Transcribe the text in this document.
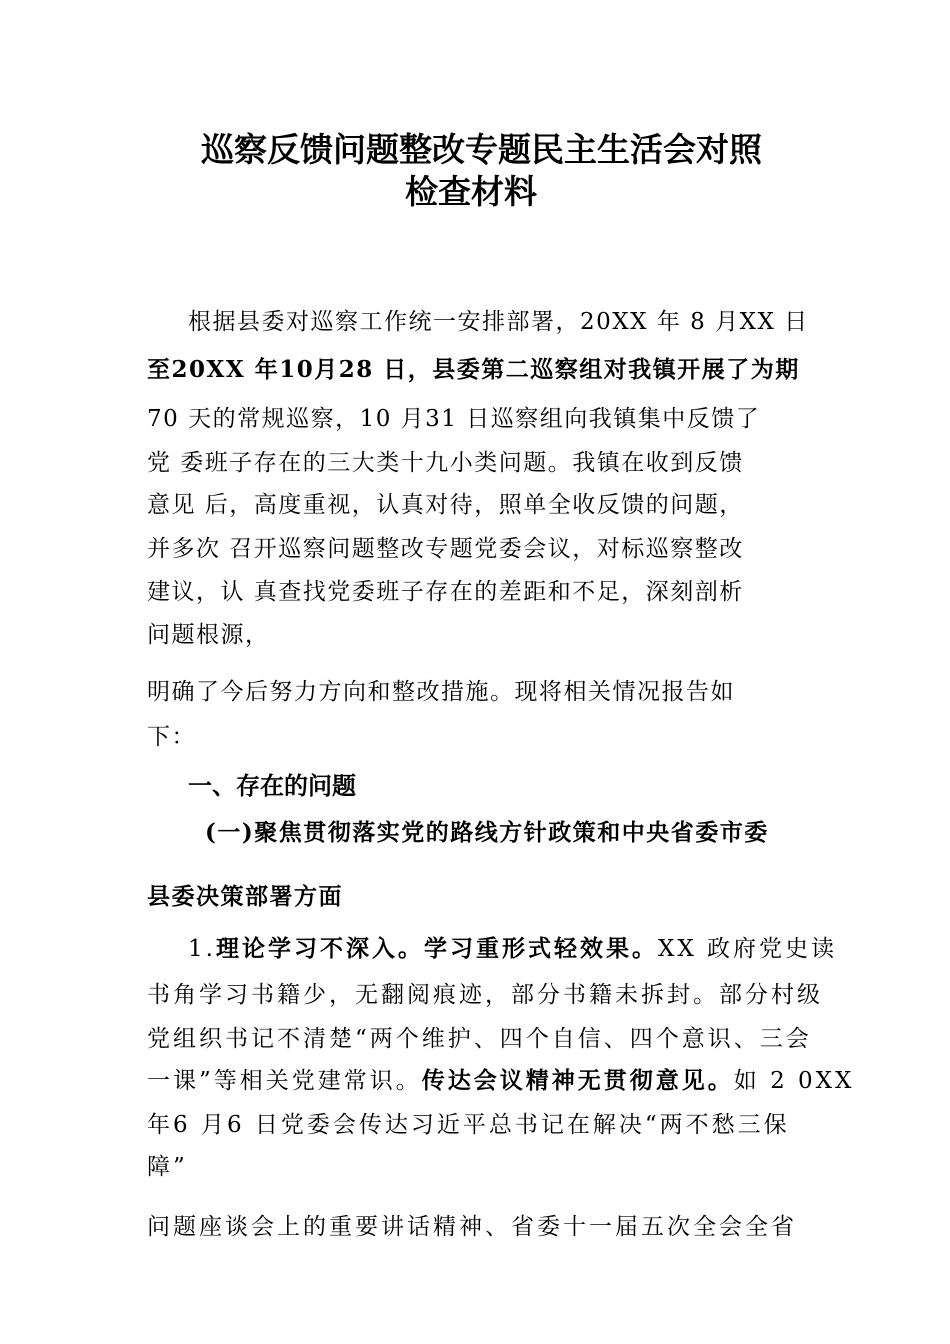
巡察反馈问题整改专题民主生活会对照
检查材料

根据县委对巡察工作统一安排部署，20XX 年 8 月XX 日

至20XX 年10月28 日，县委第二巡察组对我镇开展了为期

70 天的常规巡察，10 月31 日巡察组向我镇集中反馈了

党 委班子存在的三大类十九小类问题。我镇在收到反馈

意见 后，高度重视，认真对待，照单全收反馈的问题，

并多次 召开巡察问题整改专题党委会议，对标巡察整改

建议，认 真查找党委班子存在的差距和不足，深刻剖析

问题根源，

明确了今后努力方向和整改措施。现将相关情况报告如

下：

一、存在的问题
(一)聚焦贯彻落实党的路线方针政策和中央省委市委
县委决策部署方面

1.理论学习不深入。学习重形式轻效果。XX 政府党史读

书角学习书籍少，无翻阅痕迹，部分书籍未拆封。部分村级

党组织书记不清楚“两个维护、四个自信、四个意识、三会

一课”等相关党建常识。传达会议精神无贯彻意见。如 2 0XX

年6 月6 日党委会传达习近平总书记在解决“两不愁三保

障”

问题座谈会上的重要讲话精神、省委十一届五次全会全省
